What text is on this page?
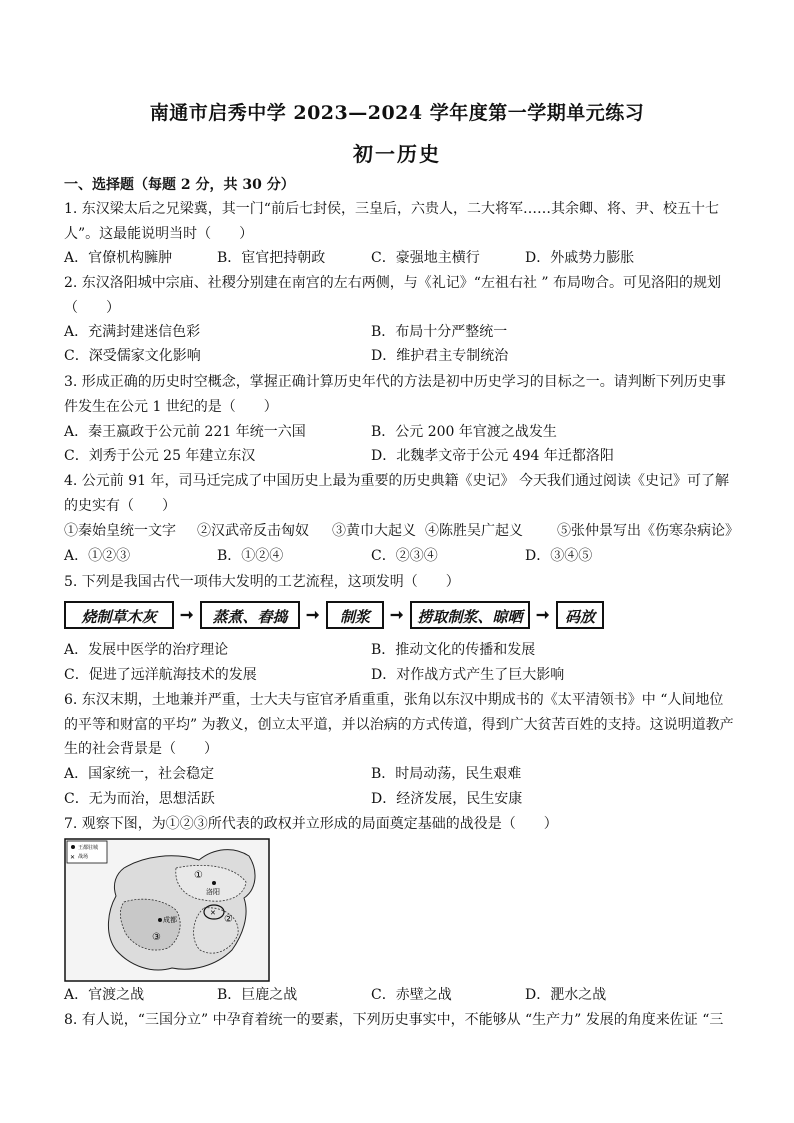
南通市启秀中学 2023—2024 学年度第一学期单元练习
初一历史
一、选择题（每题 2 分，共 30 分）
1. 东汉梁太后之兄梁冀，其一门“前后七封侯，三皇后，六贵人，二大将军……其余卿、将、尹、校五十七
人”。这最能说明当时（　　）
A．官僚机构臃肿	B．宦官把持朝政	C．豪强地主横行	D．外戚势力膨胀
2. 东汉洛阳城中宗庙、社稷分别建在南宫的左右两侧，与《礼记》“左祖右社 ” 布局吻合。可见洛阳的规划
（　　）
A．充满封建迷信色彩	B．布局十分严整统一
C．深受儒家文化影响	D．维护君主专制统治
3. 形成正确的历史时空概念，掌握正确计算历史年代的方法是初中历史学习的目标之一。请判断下列历史事
件发生在公元 1 世纪的是（　　）
A．秦王嬴政于公元前 221 年统一六国	B．公元 200 年官渡之战发生
C．刘秀于公元 25 年建立东汉	D．北魏孝文帝于公元 494 年迁都洛阳
4. 公元前 91 年，司马迁完成了中国历史上最为重要的历史典籍《史记》 今天我们通过阅读《史记》可了解
的史实有（　　）
①秦始皇统一文字 ②汉武帝反击匈奴 ③黄巾大起义 ④陈胜吴广起义 ⑤张仲景写出《伤寒杂病论》
A．①②③	B．①②④	C．②③④	D．③④⑤
5. 下列是我国古代一项伟大发明的工艺流程，这项发明（　　）
烧制草木灰	➞	蒸煮、舂捣	➞	制浆	➞ 捞取制浆、晾晒 ➞	码放
A．发展中医学的治疗理论	B．推动文化的传播和发展
C．促进了远洋航海技术的发展	D．对作战方式产生了巨大影响
6. 东汉末期，土地兼并严重，士大夫与宦官矛盾重重，张角以东汉中期成书的《太平清领书》中 “人间地位
的平等和财富的平均” 为教义，创立太平道，并以治病的方式传道，得到广大贫苦百姓的支持。这说明道教产
生的社会背景是（　　）
A．国家统一，社会稳定	B．时局动荡，民生艰难
C．无为而治，思想活跃	D．经济发展，民生安康
7. 观察下图，为①②③所代表的政权并立形成的局面奠定基础的战役是（　　）
王都驻城
✕ 战场
洛阳
成都
①
②
③
✕
A．官渡之战	B．巨鹿之战	C．赤壁之战	D．淝水之战
8. 有人说，“三国分立” 中孕育着统一的要素，下列历史事实中，不能够从 “生产力” 发展的角度来佐证 “三
